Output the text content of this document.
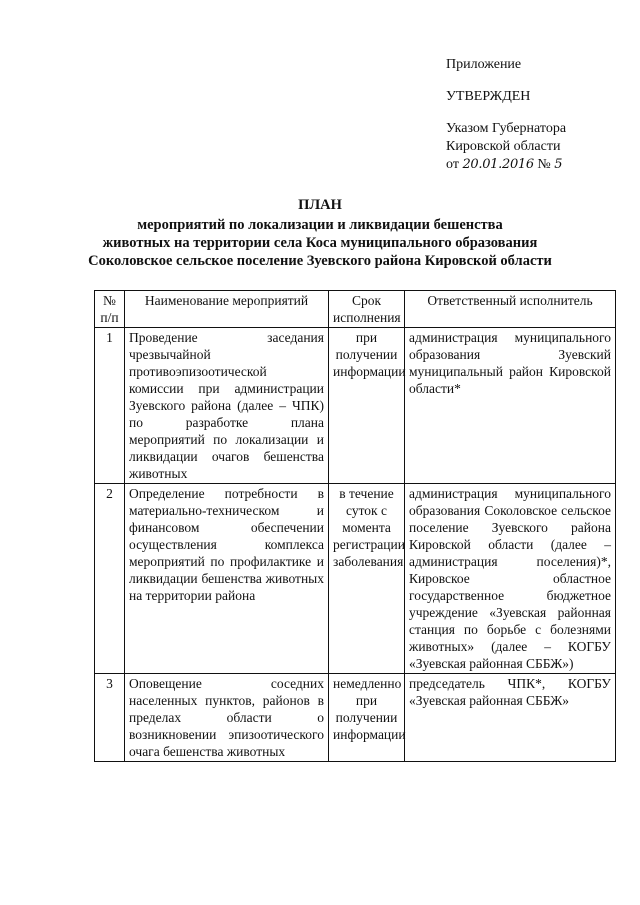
Приложение
УТВЕРЖДЕН
Указом Губернатора
Кировской области
от 20.01.2016 № 5
ПЛАН
мероприятий по локализации и ликвидации бешенства
животных на территории села Коса муниципального образования
Соколовское сельское поселение Зуевского района Кировской области
№ п/п	Наименование мероприятий	Срок исполнения	Ответственный исполнитель
1	Проведение заседания чрезвычайной противоэпизоотической комиссии при администрации Зуевского района (далее – ЧПК) по разработке плана мероприятий по локализации и ликвидации очагов бешенства животных	при получении информации	администрация муниципального образования Зуевский муниципальный район Кировской области*
2	Определение потребности в материально-техническом и финансовом обеспечении осуществления комплекса мероприятий по профилактике и ликвидации бешенства животных на территории района	в течение суток с момента регистрации заболевания	администрация муниципального образования Соколовское сельское поселение Зуевского района Кировской области (далее – администрация поселения)*, Кировское областное государственное бюджетное учреждение «Зуевская районная станция по борьбе с болезнями животных» (далее – КОГБУ «Зуевская районная СББЖ»)
3	Оповещение соседних населенных пунктов, районов в пределах области о возникновении эпизоотического очага бешенства животных	немедленно при получении информации	председатель ЧПК*, КОГБУ «Зуевская районная СББЖ»
